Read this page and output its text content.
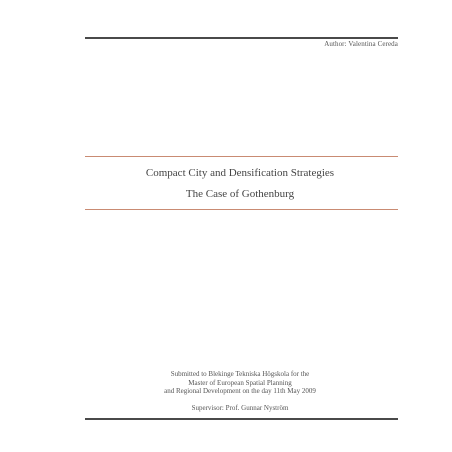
Author: Valentina Cereda
Compact City and Densification Strategies
The Case of Gothenburg
Submitted to Blekinge Tekniska Högskola for the
Master of European Spatial Planning
and Regional Development on the day 11th May 2009
Supervisor: Prof. Gunnar Nyström
